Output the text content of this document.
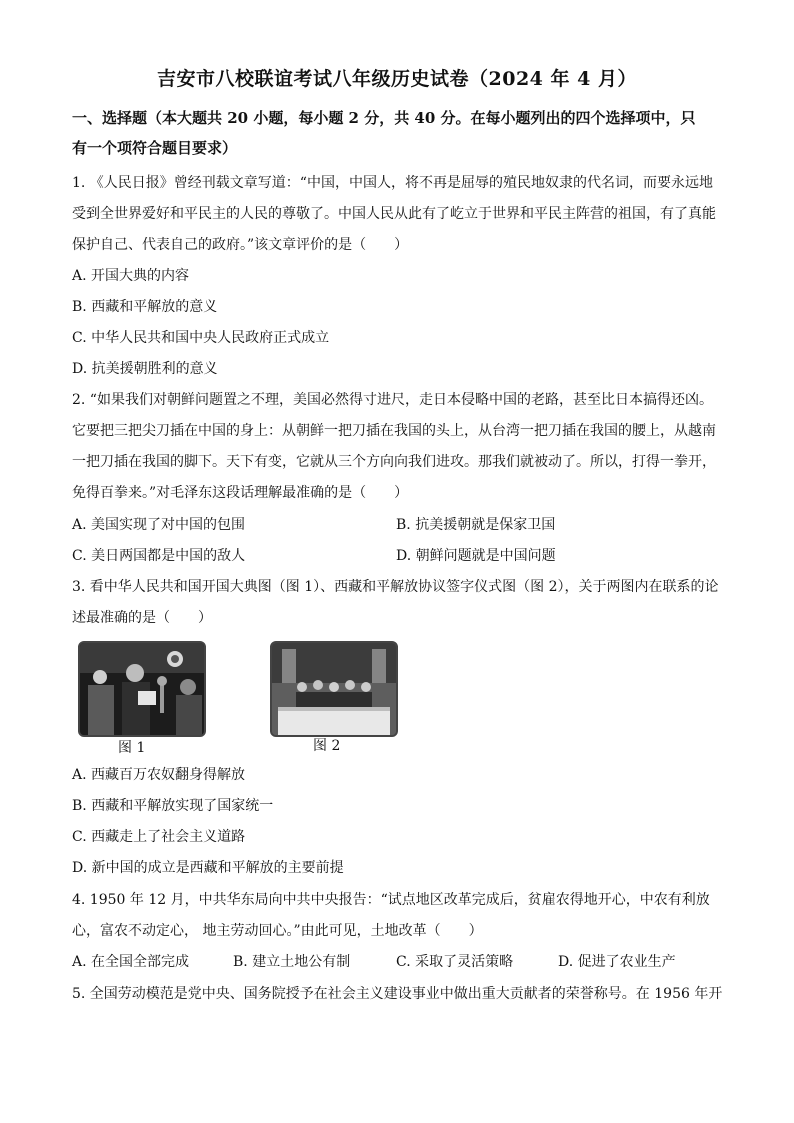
吉安市八校联谊考试八年级历史试卷（2024 年 4 月）
一、选择题（本大题共 20 小题，每小题 2 分，共 40 分。在每小题列出的四个选择项中，只
有一个项符合题目要求）
1. 《人民日报》曾经刊载文章写道：“中国，中国人，将不再是屈辱的殖民地奴隶的代名词，而要永远地
受到全世界爱好和平民主的人民的尊敬了。中国人民从此有了屹立于世界和平民主阵营的祖国，有了真能
保护自己、代表自己的政府。”该文章评价的是（　　）
A. 开国大典的内容
B. 西藏和平解放的意义
C. 中华人民共和国中央人民政府正式成立
D. 抗美援朝胜利的意义
2. “如果我们对朝鲜问题置之不理，美国必然得寸进尺，走日本侵略中国的老路，甚至比日本搞得还凶。
它要把三把尖刀插在中国的身上：从朝鲜一把刀插在我国的头上，从台湾一把刀插在我国的腰上，从越南
一把刀插在我国的脚下。天下有变，它就从三个方向向我们进攻。那我们就被动了。所以，打得一拳开，
免得百拳来。”对毛泽东这段话理解最准确的是（　　）
A. 美国实现了对中国的包围	B. 抗美援朝就是保家卫国
C. 美日两国都是中国的敌人	D. 朝鲜问题就是中国问题
3. 看中华人民共和国开国大典图（图 1）、西藏和平解放协议签字仪式图（图 2），关于两图内在联系的论
述最准确的是（　　）
图 1	图 2
A. 西藏百万农奴翻身得解放
B. 西藏和平解放实现了国家统一
C. 西藏走上了社会主义道路
D. 新中国的成立是西藏和平解放的主要前提
4. 1950 年 12 月，中共华东局向中共中央报告：“试点地区改革完成后，贫雇农得地开心，中农有利放
心，富农不动定心， 地主劳动回心。”由此可见，土地改革（　　）
A. 在全国全部完成	B. 建立土地公有制	C. 采取了灵活策略	D. 促进了农业生产
5. 全国劳动模范是党中央、国务院授予在社会主义建设事业中做出重大贡献者的荣誉称号。在 1956 年开
